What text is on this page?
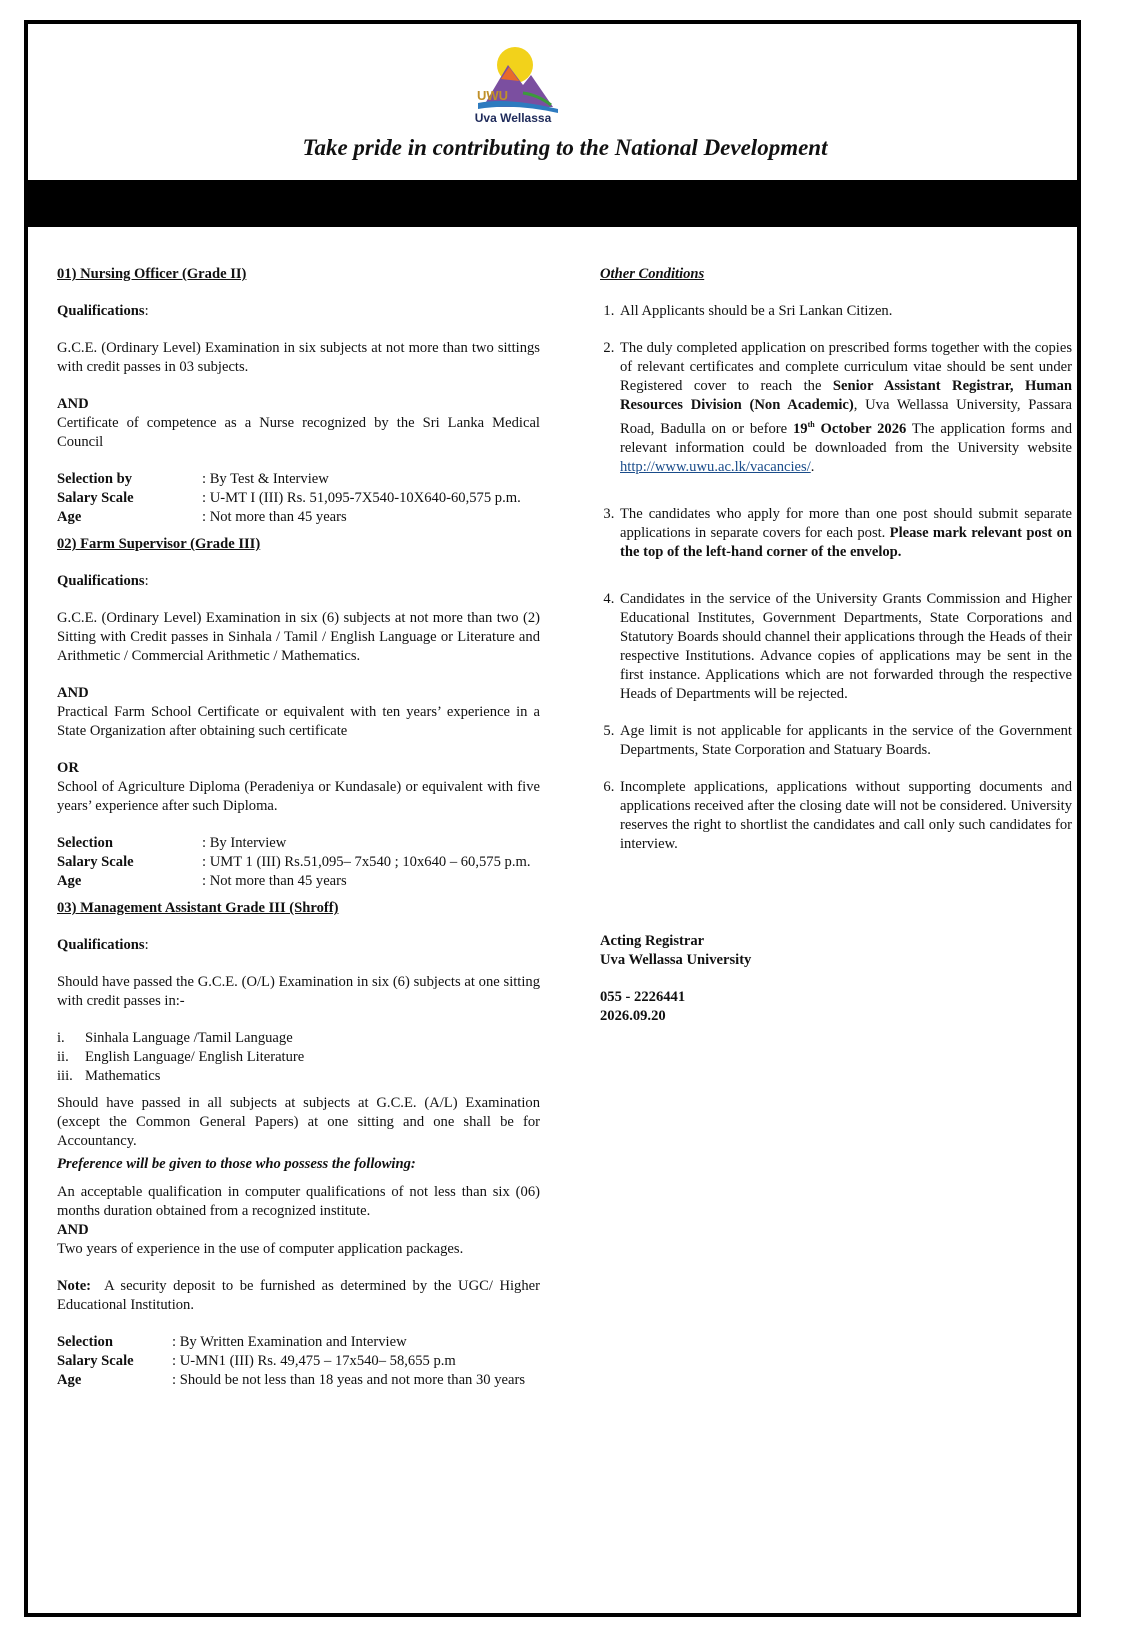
UWU
Uva Wellassa
Take pride in contributing to the National Development

01) Nursing Officer (Grade II)

Qualifications:

G.C.E. (Ordinary Level) Examination in six subjects at not more than two sittings with credit passes in 03 subjects.

AND

Certificate of competence as a Nurse recognized by the Sri Lanka Medical Council

Selection by	: By Test & Interview

Salary Scale	: U-MT I (III) Rs. 51,095-7X540-10X640-60,575 p.m.

Age	: Not more than 45 years

02) Farm Supervisor (Grade III)

Qualifications:

G.C.E. (Ordinary Level) Examination in six (6) subjects at not more than two (2) Sitting with Credit passes in Sinhala / Tamil / English Language or Literature and Arithmetic / Commercial Arithmetic / Mathematics.

AND

Practical Farm School Certificate or equivalent with ten years’ experience in a State Organization after obtaining such certificate

OR

School of Agriculture Diploma (Peradeniya or Kundasale) or equivalent with five years’ experience after such Diploma.

Selection	: By Interview

Salary Scale	: UMT 1 (III) Rs.51,095– 7x540 ; 10x640 – 60,575 p.m.

Age	: Not more than 45 years

03) Management Assistant Grade III (Shroff)

Qualifications:

Should have passed the G.C.E. (O/L) Examination in six (6) subjects at one sitting with credit passes in:-

i.	Sinhala Language /Tamil Language
ii.	English Language/ English Literature
iii. Mathematics

Should have passed in all subjects at subjects at G.C.E. (A/L) Examination (except the Common General Papers) at one sitting and one shall be for Accountancy.

Preference will be given to those who possess the following:

An acceptable qualification in computer qualifications of not less than six (06) months duration obtained from a recognized institute.

AND

Two years of experience in the use of computer application packages.

Note: A security deposit to be furnished as determined by the UGC/ Higher Educational Institution.

Selection	: By Written Examination and Interview
Salary Scale	: U-MN1 (III) Rs. 49,475 – 17x540– 58,655 p.m

Age	: Should be not less than 18 yeas and not more than 30 years

Other Conditions

1. All Applicants should be a Sri Lankan Citizen.
2. The duly completed application on prescribed forms together with the copies of relevant certificates and complete curriculum vitae should be sent under Registered cover to reach the Senior Assistant Registrar, Human Resources Division (Non Academic), Uva Wellassa University, Passara Road, Badulla on or before 19th October 2026 The application forms and relevant information could be downloaded from the University website http://www.uwu.ac.lk/vacancies/.
3. The candidates who apply for more than one post should submit separate applications in separate covers for each post. Please mark relevant post on the top of the left-hand corner of the envelop.
4. Candidates in the service of the University Grants Commission and Higher Educational Institutes, Government Departments, State Corporations and Statutory Boards should channel their applications through the Heads of their respective Institutions. Advance copies of applications may be sent in the first instance. Applications which are not forwarded through the respective Heads of Departments will be rejected.
5. Age limit is not applicable for applicants in the service of the Government Departments, State Corporation and Statuary Boards.
6. Incomplete applications, applications without supporting documents and applications received after the closing date will not be considered. University reserves the right to shortlist the candidates and call only such candidates for interview.

Acting Registrar

Uva Wellassa University

055 - 2226441

2026.09.20
